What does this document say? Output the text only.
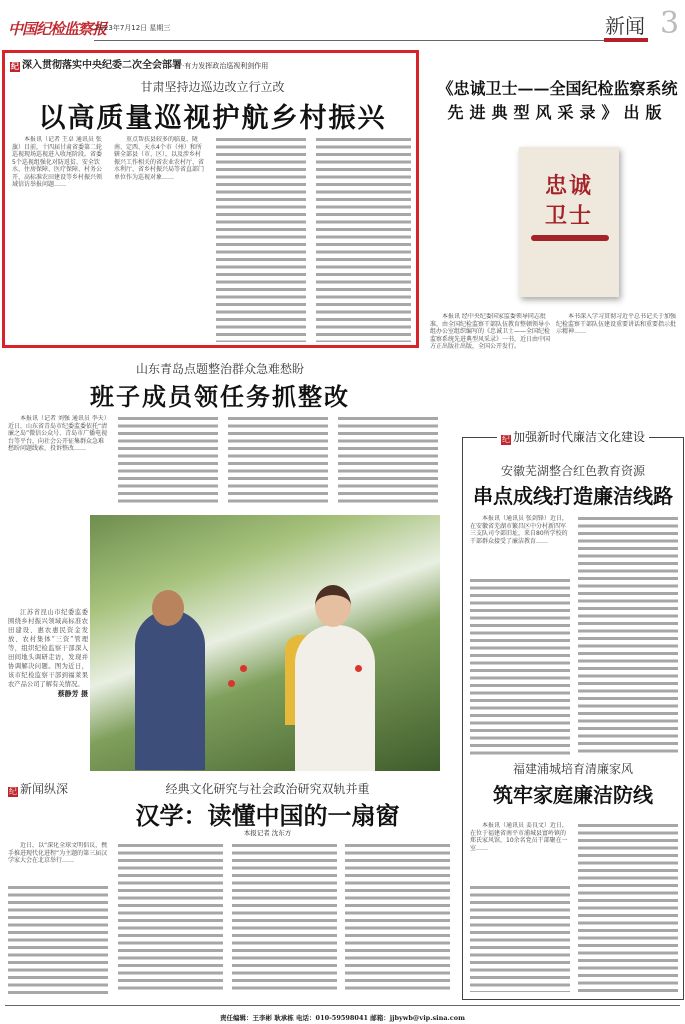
中国纪检监察报
2023年7月12日 星期三	新闻 3
纪 深入贯彻落实中央纪委二次全会部署·有力发挥政治巡视利剑作用
甘肃坚持边巡边改立行立改
以高质量巡视护航乡村振兴
本报讯（记者 王卓 通讯员 张旗）目前，十四届甘肃省委第二轮巡视现场巡视进入收尾阶段。省委5个巡视组强化对防返贫、安全饮水、住房保障、医疗保障、村务公开、高标准农田建设等乡村振兴领域信访举报问题……
重点帮扶县较多的临夏、陇南、定西、天水4个市（州）和所辖全部县（市、区），以及涉乡村振兴工作相关的省农业农村厅、省水利厅、省乡村振兴局等省直部门单位作为巡视对象……
《忠诚卫士——全国纪检监察系统
先进典型风采录》出版
忠诚
卫士
本报讯 经中央纪委国家监委领导同志批准，由全国纪检监察干部队伍教育整顿领导小组办公室组织编写的《忠诚卫士——全国纪检监察系统先进典型风采录》一书，近日由中国方正出版社出版，全国公开发行。
本书深入学习贯彻习近平总书记关于加强纪检监察干部队伍建设重要讲话和重要指示批示精神……
山东青岛点题整治群众急难愁盼
班子成员领任务抓整改
本报讯（记者 刘强 通讯员 李天）近日，山东省青岛市纪委监委依托“清廉之岛”微信公众号、青岛市广播电视台等平台，向社会公开征集群众急难愁盼问题线索，投诉整改……
江苏省昆山市纪委监委围绕乡村振兴领域高标准农田建设、惠农惠民资金发放、农村集体“三资”管理等，组织纪检监察干部深入田间地头调研走访，发现并协调解决问题。图为近日，该市纪检监察干部到福莱果农产品公司了解有关情况。
蔡静芳 摄
纪 加强新时代廉洁文化建设
安徽芜湖整合红色教育资源
串点成线打造廉洁线路
本报讯（通讯员 张剑锋）近日，在安徽省芜湖市繁昌区中分村新四军三支队司令部旧址，来自80所学校的干部群众接受了廉洁教育……
福建浦城培育清廉家风
筑牢家庭廉洁防线
本报讯（通讯员 姜良文）近日，在位于福建省南平市浦城县富岭镇的郑氏家风馆，10余名党员干部聚在一室……
纪 新闻纵深	经典文化研究与社会政治研究双轨并重
汉学：读懂中国的一扇窗
本报记者 沈东方
近日，以“深化全球文明倡议，携手推进现代化进程”为主题的第三届汉学家大会在北京举行……
责任编辑：王李彬 耿承栋 电话：010-59598041 邮箱：jjbywb@vip.sina.com
